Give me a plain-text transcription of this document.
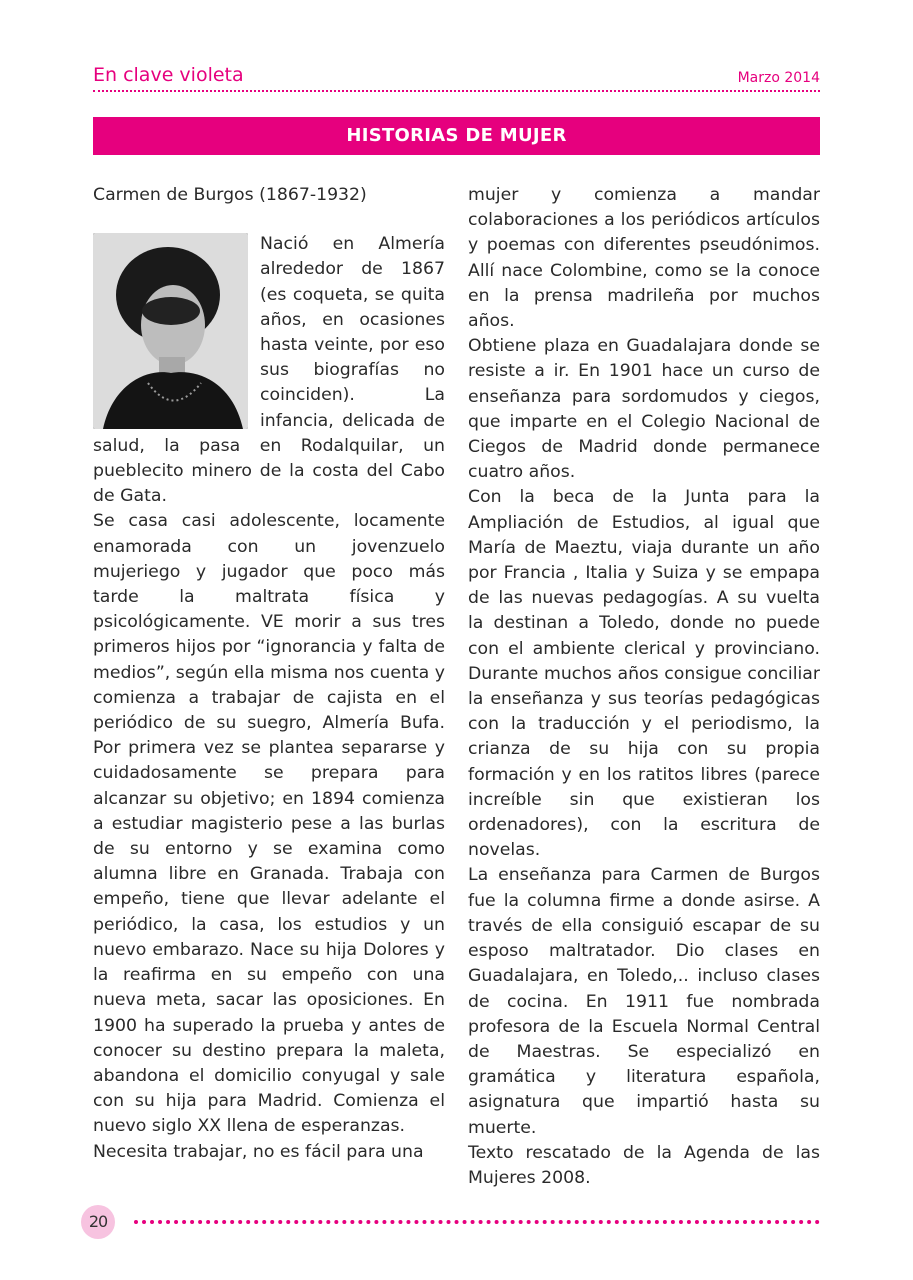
En clave violeta	Marzo 2014
HISTORIAS DE MUJER

Carmen de Burgos (1867-1932)

Nació en Almería alrededor de 1867 (es coqueta, se quita años, en ocasiones hasta veinte, por eso sus biografías no coinciden). La infancia, delicada de salud, la pasa en Rodalquilar, un pueblecito minero de la costa del Cabo de Gata.

Se casa casi adolescente, locamente enamorada con un jovenzuelo mujeriego y jugador que poco más tarde la maltrata física y psicológicamente. VE morir a sus tres primeros hijos por “ignorancia y falta de medios”, según ella misma nos cuenta y comienza a trabajar de cajista en el periódico de su suegro, Almería Bufa. Por primera vez se plantea separarse y cuidadosamente se prepara para alcanzar su objetivo; en 1894 comienza a estudiar magisterio pese a las burlas de su entorno y se examina como alumna libre en Granada. Trabaja con empeño, tiene que llevar adelante el periódico, la casa, los estudios y un nuevo embarazo. Nace su hija Dolores y la reafirma en su empeño con una nueva meta, sacar las oposiciones. En 1900 ha superado la prueba y antes de conocer su destino prepara la maleta, abandona el domicilio conyugal y sale con su hija para Madrid. Comienza el nuevo siglo XX llena de esperanzas.

Necesita trabajar, no es fácil para una

mujer y comienza a mandar colaboraciones a los periódicos artículos y poemas con diferentes pseudónimos. Allí nace Colombine, como se la conoce en la prensa madrileña por muchos años.

Obtiene plaza en Guadalajara donde se resiste a ir. En 1901 hace un curso de enseñanza para sordomudos y ciegos, que imparte en el Colegio Nacional de Ciegos de Madrid donde permanece cuatro años.

Con la beca de la Junta para la Ampliación de Estudios, al igual que María de Maeztu, viaja durante un año por Francia , Italia y Suiza y se empapa de las nuevas pedagogías. A su vuelta la destinan a Toledo, donde no puede con el ambiente clerical y provinciano. Durante muchos años consigue conciliar la enseñanza y sus teorías pedagógicas con la traducción y el periodismo, la crianza de su hija con su propia formación y en los ratitos libres (parece increíble sin que existieran los ordenadores), con la escritura de novelas.

La enseñanza para Carmen de Burgos fue la columna firme a donde asirse. A través de ella consiguió escapar de su esposo maltratador. Dio clases en Guadalajara, en Toledo,.. incluso clases de cocina. En 1911 fue nombrada profesora de la Escuela Normal Central de Maestras. Se especializó en gramática y literatura española, asignatura que impartió hasta su muerte.

Texto rescatado de la Agenda de las Mujeres 2008.

20
